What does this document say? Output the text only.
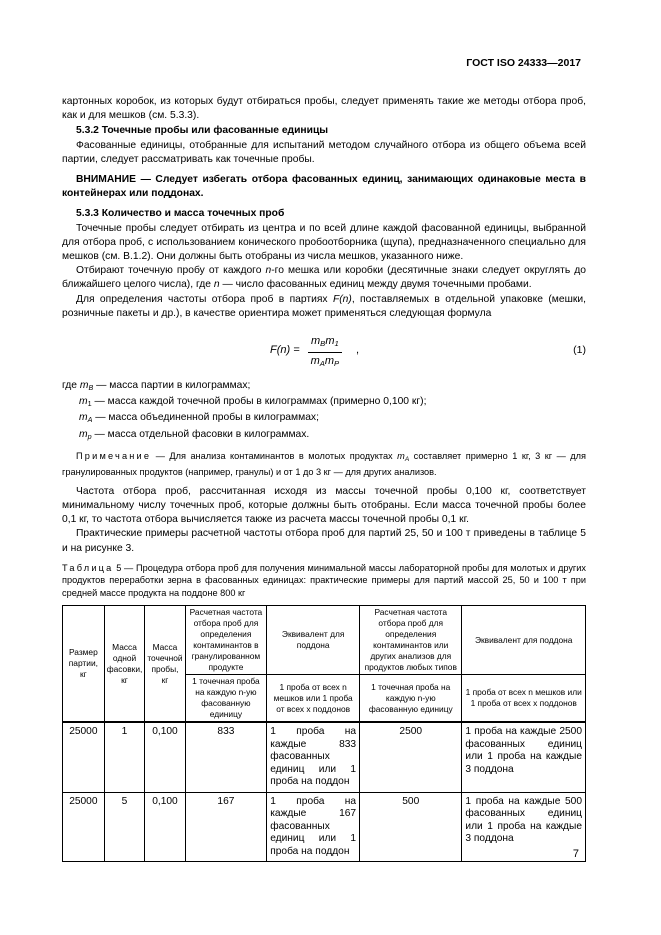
ГОСТ ISO 24333—2017

картонных коробок, из которых будут отбираться пробы, следует применять такие же методы отбора проб, как и для мешков (см. 5.3.3).

5.3.2 Точечные пробы или фасованные единицы

Фасованные единицы, отобранные для испытаний методом случайного отбора из общего объема всей партии, следует рассматривать как точечные пробы.

ВНИМАНИЕ — Следует избегать отбора фасованных единиц, занимающих одинаковые места в контейнерах или поддонах.

5.3.3 Количество и масса точечных проб

Точечные пробы следует отбирать из центра и по всей длине каждой фасованной единицы, выбранной для отбора проб, с использованием конического пробоотборника (щупа), предназначенного специально для мешков (см. В.1.2). Они должны быть отобраны из числа мешков, указанного ниже.

Отбирают точечную пробу от каждого n-го мешка или коробки (десятичные знаки следует округлять до ближайшего целого числа), где n — число фасованных единиц между двумя точечными пробами.

Для определения частоты отбора проб в партиях F(n), поставляемых в отдельной упаковке (мешки, розничные пакеты и др.), в качестве ориентира может применяться следующая формула

F(n) =
$m_Bm_1$
$m_Am_P$
,	(1)

где $m_B$ — масса партии в килограммах;

$m_1$ — масса каждой точечной пробы в килограммах (примерно 0,100 кг);

$m_A$ — масса объединенной пробы в килограммах;

$m_p$ — масса отдельной фасовки в килограммах.

Примечание — Для анализа контаминантов в молотых продуктах $m_A$ составляет примерно 1 кг, 3 кг — для гранулированных продуктов (например, гранулы) и от 1 до 3 кг — для других анализов.

Частота отбора проб, рассчитанная исходя из массы точечной пробы 0,100 кг, соответствует минимальному числу точечных проб, которые должны быть отобраны. Если масса точечной пробы более 0,1 кг, то частота отбора вычисляется также из расчета массы точечной пробы 0,1 кг.

Практические примеры расчетной частоты отбора проб для партий 25, 50 и 100 т приведены в таблице 5 и на рисунке 3.

Таблица 5 — Процедура отбора проб для получения минимальной массы лабораторной пробы для молотых и других продуктов переработки зерна в фасованных единицах: практические примеры для партий массой 25, 50 и 100 т при средней массе продукта на поддоне 800 кг

Размер партии, кг	Масса одной фасовки, кг	Масса точечной пробы, кг	Расчетная частота отбора проб для определения контаминантов в гранулированном продукте	Эквивалент для поддона	Расчетная частота отбора проб для определения контаминантов или других анализов для продуктов любых типов	Эквивалент для поддона
			1 точечная проба на каждую n-ую фасованную единицу	1 проба от всех n мешков или 1 проба от всех x поддонов	1 точечная проба на каждую n-ую фасованную единицу	1 проба от всех n мешков или 1 проба от всех x поддонов
25000	1	0,100	833	1 проба на каждые 833 фасованных единиц или 1 проба на поддон	2500	1 проба на каждые 2500 фасованных единиц или 1 проба на каждые 3 поддона
25000	5	0,100	167	1 проба на каждые 167 фасованных единиц или 1 проба на поддон	500	1 проба на каждые 500 фасованных единиц или 1 проба на каждые 3 поддона
7
